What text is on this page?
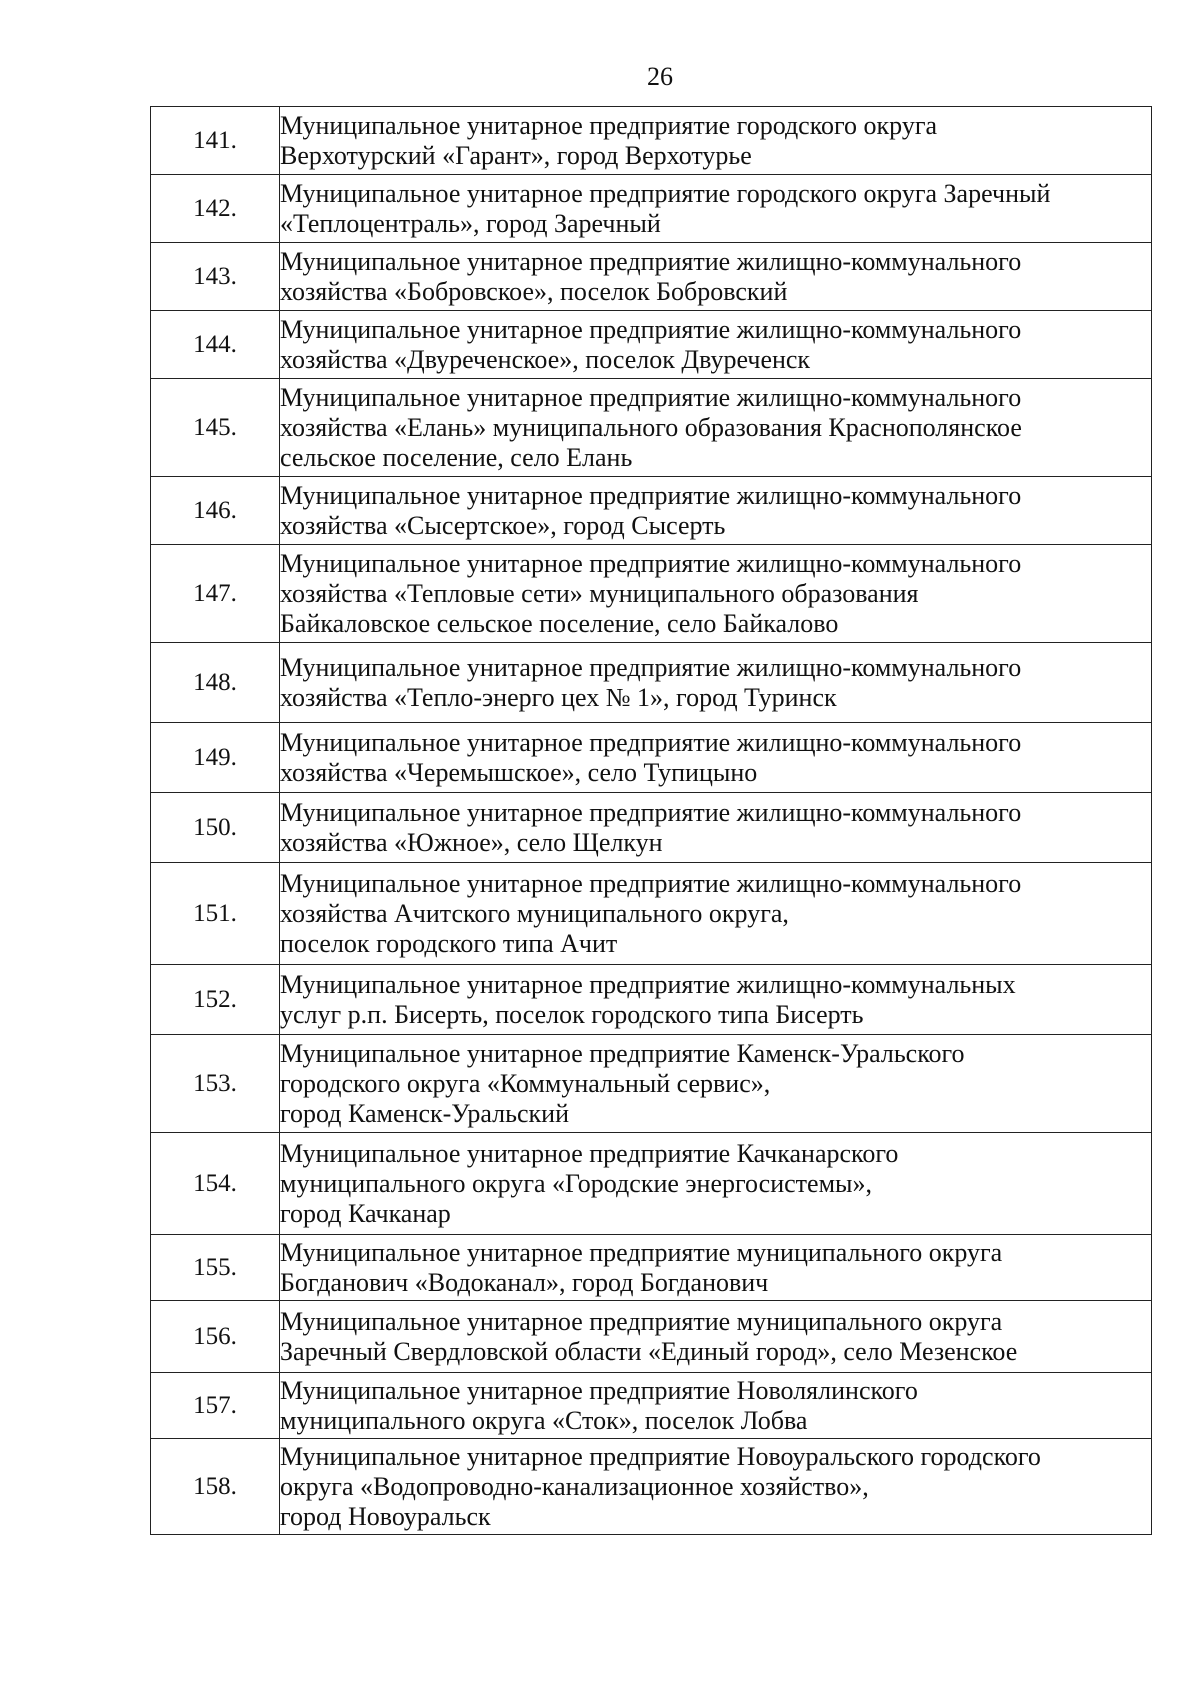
26
141.	Муниципальное унитарное предприятие городского округа
Верхотурский «Гарант», город Верхотурье

142.	Муниципальное унитарное предприятие городского округа Заречный
«Теплоцентраль», город Заречный

143.	Муниципальное унитарное предприятие жилищно-коммунального
хозяйства «Бобровское», поселок Бобровский

144.	Муниципальное унитарное предприятие жилищно-коммунального
хозяйства «Двуреченское», поселок Двуреченск

145.	Муниципальное унитарное предприятие жилищно-коммунального
хозяйства «Елань» муниципального образования Краснополянское
сельское поселение, село Елань

146.	Муниципальное унитарное предприятие жилищно-коммунального
хозяйства «Сысертское», город Сысерть

147.	Муниципальное унитарное предприятие жилищно-коммунального
хозяйства «Тепловые сети» муниципального образования
Байкаловское сельское поселение, село Байкалово

148.	Муниципальное унитарное предприятие жилищно-коммунального
хозяйства «Тепло-энерго цех № 1», город Туринск

149.	Муниципальное унитарное предприятие жилищно-коммунального
хозяйства «Черемышское», село Тупицыно

150.	Муниципальное унитарное предприятие жилищно-коммунального
хозяйства «Южное», село Щелкун

151.	Муниципальное унитарное предприятие жилищно-коммунального
хозяйства Ачитского муниципального округа,
поселок городского типа Ачит

152.	Муниципальное унитарное предприятие жилищно-коммунальных
услуг р.п. Бисерть, поселок городского типа Бисерть

153.	Муниципальное унитарное предприятие Каменск-Уральского
городского округа «Коммунальный сервис»,
город Каменск-Уральский

154.	Муниципальное унитарное предприятие Качканарского
муниципального округа «Городские энергосистемы»,
город Качканар

155.	Муниципальное унитарное предприятие муниципального округа
Богданович «Водоканал», город Богданович

156.	Муниципальное унитарное предприятие муниципального округа
Заречный Свердловской области «Единый город», село Мезенское

157.	Муниципальное унитарное предприятие Новолялинского
муниципального округа «Сток», поселок Лобва

158.	Муниципальное унитарное предприятие Новоуральского городского
округа «Водопроводно-канализационное хозяйство»,
город Новоуральск
